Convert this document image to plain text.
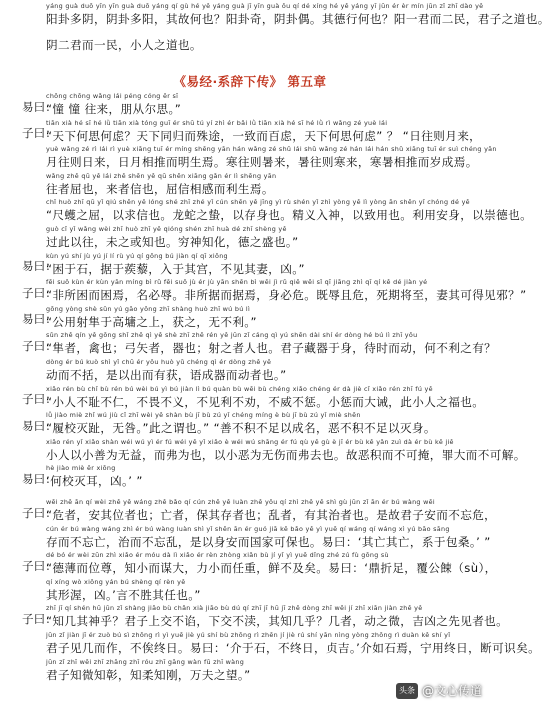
yáng guà duō yīn yīn guà duō yáng qí gù hé yě yáng guà jī yīn guà ǒu qí dé xíng hé yě yáng yī jūn ér èr mín jūn zǐ zhī dào yě
阳卦多阴，阴卦多阳，其故何也？阳卦奇，阴卦偶。其德行何也？阳一君而二民，君子之道也。
阴二君而一民，小人之道也。
《易经·系辞下传》 第五章
易曰：
chōng chōng wǎng lái péng cóng ěr sī
“憧 憧 往来，朋从尔思。”
子曰：
tiān xià hé sī hé lǜ tiān xià tóng guī ér shū tú yí zhì ér bǎi lǜ tiān xià hé sī hé lǜ rì wǎng zé yuè lái
“天下何思何虑？天下同归而殊途，一致而百虑，天下何思何虑” ？ “日往则月来，
yuè wǎng zé rì lái rì yuè xiāng tuī ér míng shēng yān hán wǎng zé shǔ lái shǔ wǎng zé hán lái hán shǔ xiāng tuī ér suì chéng yān
月往则日来，日月相推而明生焉。寒往则暑来，暑往则寒来，寒暑相推而岁成焉。
wǎng zhě qū yě lái zhě shēn yě qū shēn xiāng gǎn ér lì shēng yān
往者屈也，来者信也，屈信相感而利生焉。
chǐ huò zhī qū yǐ qiú shēn yě lóng shé zhī zhé yǐ cún shēn yě jīng yì rù shén yǐ zhì yòng yě lì yòng ān shēn yǐ chóng dé yě
“尺蠖之屈，以求信也。龙蛇之蛰，以存身也。精义入神，以致用也。利用安身，以崇德也。
guò cǐ yǐ wǎng wèi zhī huò zhī yě qióng shén zhī huà dé zhī shèng yě
过此以往，未之或知也。穷神知化，德之盛也。”
易曰：
kùn yú shí jù yú jí lí rù yú qí gōng bú jiàn qí qī xiōng
“困于石，据于蒺藜，入于其宫，不见其妻，凶。”
子曰：
fēi suǒ kùn ér kùn yān míng bì rǔ fēi suǒ jù ér jù yān shēn bì wēi jì rǔ qiě wēi sǐ qī jiāng zhì qī qí kě dé jiàn yé
“非所困而困焉，名必辱。非所据而据焉，身必危。既辱且危，死期将至，妻其可得见邪？”
易曰：
gōng yòng shè sǔn yú gāo yōng zhī shàng huò zhī wú bú lì
“公用射隼于高墉之上，获之，无不利。”
子曰：
sǔn zhě qín yě gōng shǐ zhě qì yě shè zhī zhě rén yě jūn zǐ cáng qì yú shēn dài shí ér dòng hé bú lì zhī yǒu
“隼者，禽也；弓矢者，器也；射之者人也。君子藏器于身，待时而动，何不利之有？
dòng ér bú kuò shì yǐ chū ér yǒu huò yǔ chéng qì ér dòng zhě yě
动而不括，是以出而有获，语成器而动者也。”
子曰：
xiǎo rén bù chǐ bù rén bú wèi bú yì bú jiàn lì bú quàn bù wēi bù chéng xiǎo chéng ér dà jiè cǐ xiǎo rén zhī fú yě
“小人不耻不仁，不畏不义，不见利不劝，不威不惩。小惩而大诫，此小人之福也。
易曰：
lǚ jiào miè zhǐ wú jiù cǐ zhī wèi yě shàn bù jī bù zú yǐ chéng míng è bù jī bù zú yǐ miè shēn
“履校灭趾，无咎。”此之谓也。” “善不积不足以成名，恶不积不足以灭身。
xiǎo rén yǐ xiǎo shàn wéi wú yì ér fú wéi yě yǐ xiǎo è wéi wú shāng ér fú qù yě gù è jī ér bù kě yǎn zuì dà ér bù kě jiě
小人以小善为无益，而弗为也，以小恶为无伤而弗去也。故恶积而不可掩，罪大而不可解。
易曰：
hè jiào miè ěr xiōng
‘何校灭耳，凶。’ ”
子曰：
wēi zhě ān qí wèi zhě yě wáng zhě bǎo qí cún zhě yě luàn zhě yǒu qí zhì zhě yě shì gù jūn zǐ ān ér bú wàng wēi
“危者，安其位者也；亡者，保其存者也；乱者，有其治者也。是故君子安而不忘危，
cún ér bú wàng wáng zhì ér bú wàng luàn shì yǐ shēn ān ér guó jiā kě bǎo yě yì yuē qí wáng qí wáng xì yú bāo sāng
存而不忘亡，治而不忘乱，是以身安而国家可保也。易曰：‘其亡其亡，系于包桑。’ ”
子曰：
dé bó ér wèi zūn zhì xiǎo ér móu dà lì xiǎo ér rèn zhòng xiǎn bù jí yǐ yì yuē dǐng zhé zú fù gōng sù
“德薄而位尊，知小而谋大，力小而任重，鲜不及矣。易曰：‘鼎折足，覆公餗（sù），
qí xíng wò xiōng yán bú shèng qí rèn yě
其形渥，凶。’言不胜其任也。”
子曰：
zhī jī qí shén hū jūn zǐ shàng jiāo bù chǎn xià jiāo bù dú qí zhī jī hū jī zhě dòng zhī wēi jí zhī xiān jiàn zhě yě
“知几其神乎？君子上交不谄，下交不渎，其知几乎？几者，动之微，吉凶之先见者也。
jūn zǐ jiàn jī ér zuò bú sì zhōng rì yì yuē jiè yú shí bù zhōng rì zhēn jí jiè rú shí yān nìng yòng zhōng rì duàn kě shí yǐ
君子见几而作，不俟终日。易曰：‘介于石，不终日，贞吉。’介如石焉，宁用终日，断可识矣。
jūn zǐ zhī wēi zhī zhāng zhī róu zhī gāng wàn fū zhī wàng
君子知微知彰，知柔知刚，万夫之望。”
头条 @文心传道
